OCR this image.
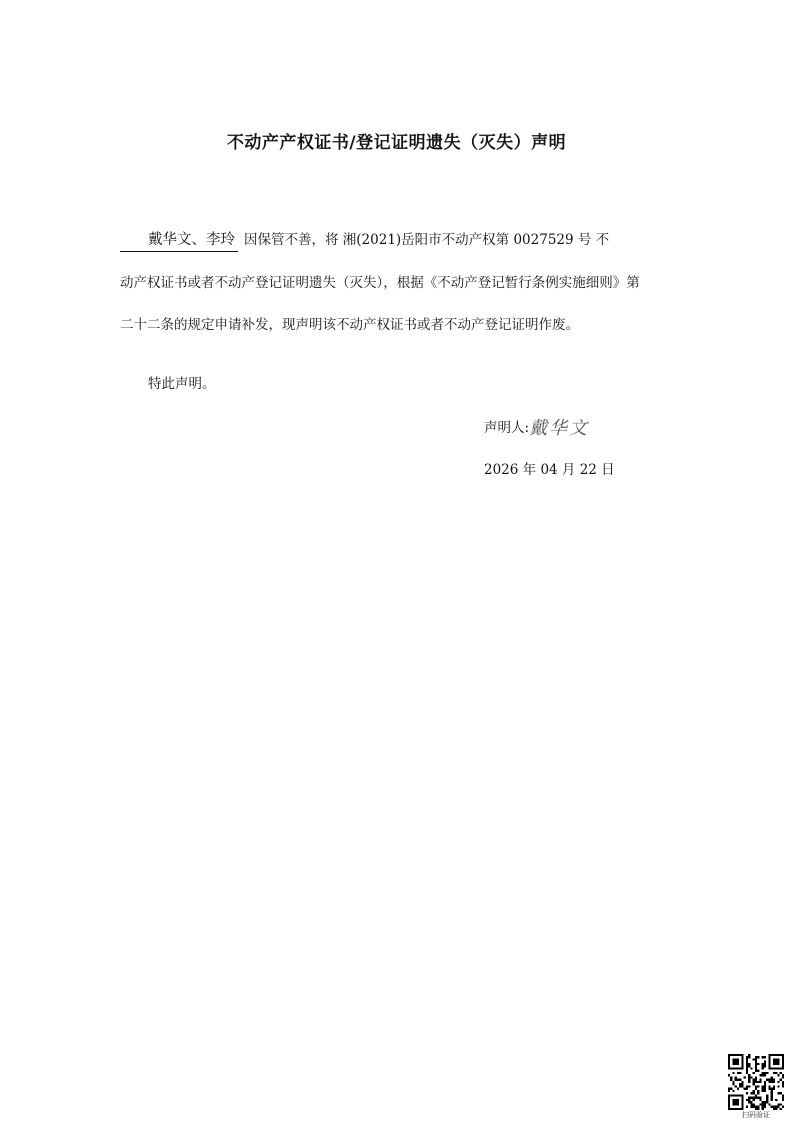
不动产产权证书/登记证明遗失（灭失）声明
戴华文、李玲 因保管不善，将 湘(2021)岳阳市不动产权第 0027529 号 不
动产权证书或者不动产登记证明遗失（灭失），根据《不动产登记暂行条例实施细则》第
二十二条的规定申请补发，现声明该不动产权证书或者不动产登记证明作废。
特此声明。
声明人:戴华文
2026 年 04 月 22 日
扫码验证
